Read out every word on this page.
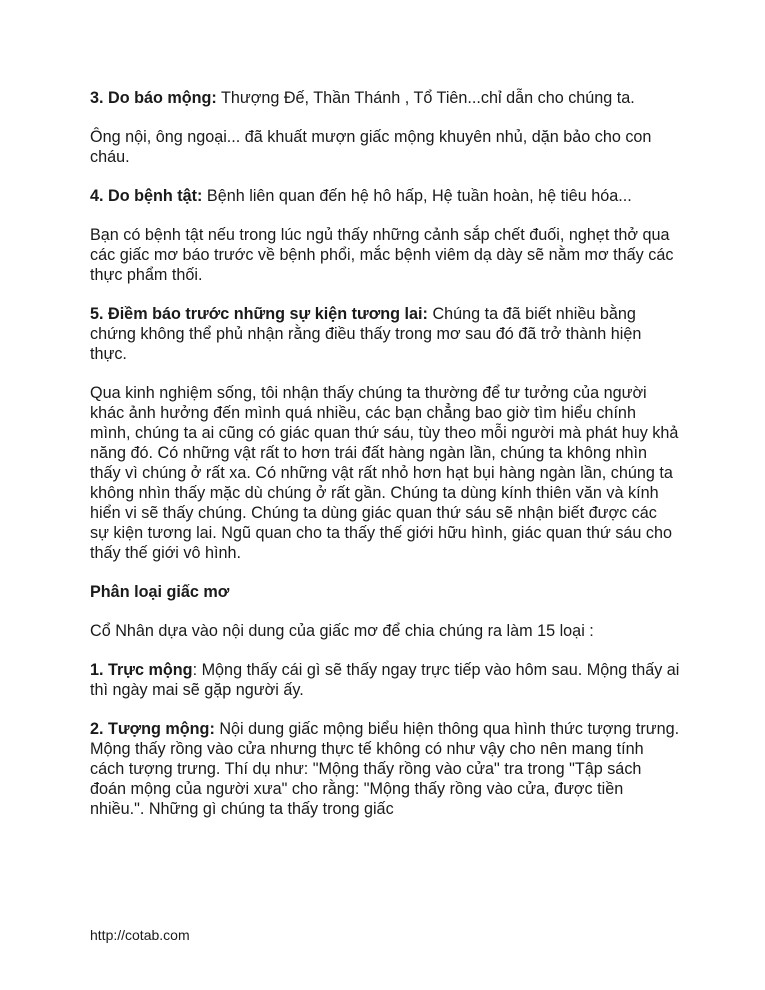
3. Do báo mộng: Thượng Đế, Thần Thánh , Tổ Tiên...chỉ dẫn cho chúng ta.

Ông nội, ông ngoại... đã khuất mượn giấc mộng khuyên nhủ, dặn bảo cho con cháu.

4. Do bệnh tật: Bệnh liên quan đến hệ hô hấp, Hệ tuần hoàn, hệ tiêu hóa...

Bạn có bệnh tật nếu trong lúc ngủ thấy những cảnh sắp chết đuối, nghẹt thở qua các giấc mơ báo trước về bệnh phổi, mắc bệnh viêm dạ dày sẽ nằm mơ thấy các thực phẩm thối.

5. Điềm báo trước những sự kiện tương lai: Chúng ta đã biết nhiều bằng chứng không thể phủ nhận rằng điều thấy trong mơ sau đó đã trở thành hiện thực.

Qua kinh nghiệm sống, tôi nhận thấy chúng ta thường để tư tưởng của người khác ảnh hưởng đến mình quá nhiều, các bạn chẳng bao giờ tìm hiểu chính mình, chúng ta ai cũng có giác quan thứ sáu, tùy theo mỗi người mà phát huy khả năng đó. Có những vật rất to hơn trái đất hàng ngàn lần, chúng ta không nhìn thấy vì chúng ở rất xa. Có những vật rất nhỏ hơn hạt bụi hàng ngàn lần, chúng ta không nhìn thấy mặc dù chúng ở rất gần. Chúng ta dùng kính thiên văn và kính hiển vi sẽ thấy chúng. Chúng ta dùng giác quan thứ sáu sẽ nhận biết được các sự kiện tương lai. Ngũ quan cho ta thấy thế giới hữu hình, giác quan thứ sáu cho thấy thế giới vô hình.

Phân loại giấc mơ

Cổ Nhân dựa vào nội dung của giấc mơ để chia chúng ra làm 15 loại :

1. Trực mộng: Mộng thấy cái gì sẽ thấy ngay trực tiếp vào hôm sau. Mộng thấy ai thì ngày mai sẽ gặp người ấy.

2. Tượng mộng: Nội dung giấc mộng biểu hiện thông qua hình thức tượng trưng. Mộng thấy rồng vào cửa nhưng thực tế không có như vậy cho nên mang tính cách tượng trưng. Thí dụ như: "Mộng thấy rồng vào cửa" tra trong "Tập sách đoán mộng của người xưa" cho rằng: "Mộng thấy rồng vào cửa, được tiền nhiều.". Những gì chúng ta thấy trong giấc

http://cotab.com
